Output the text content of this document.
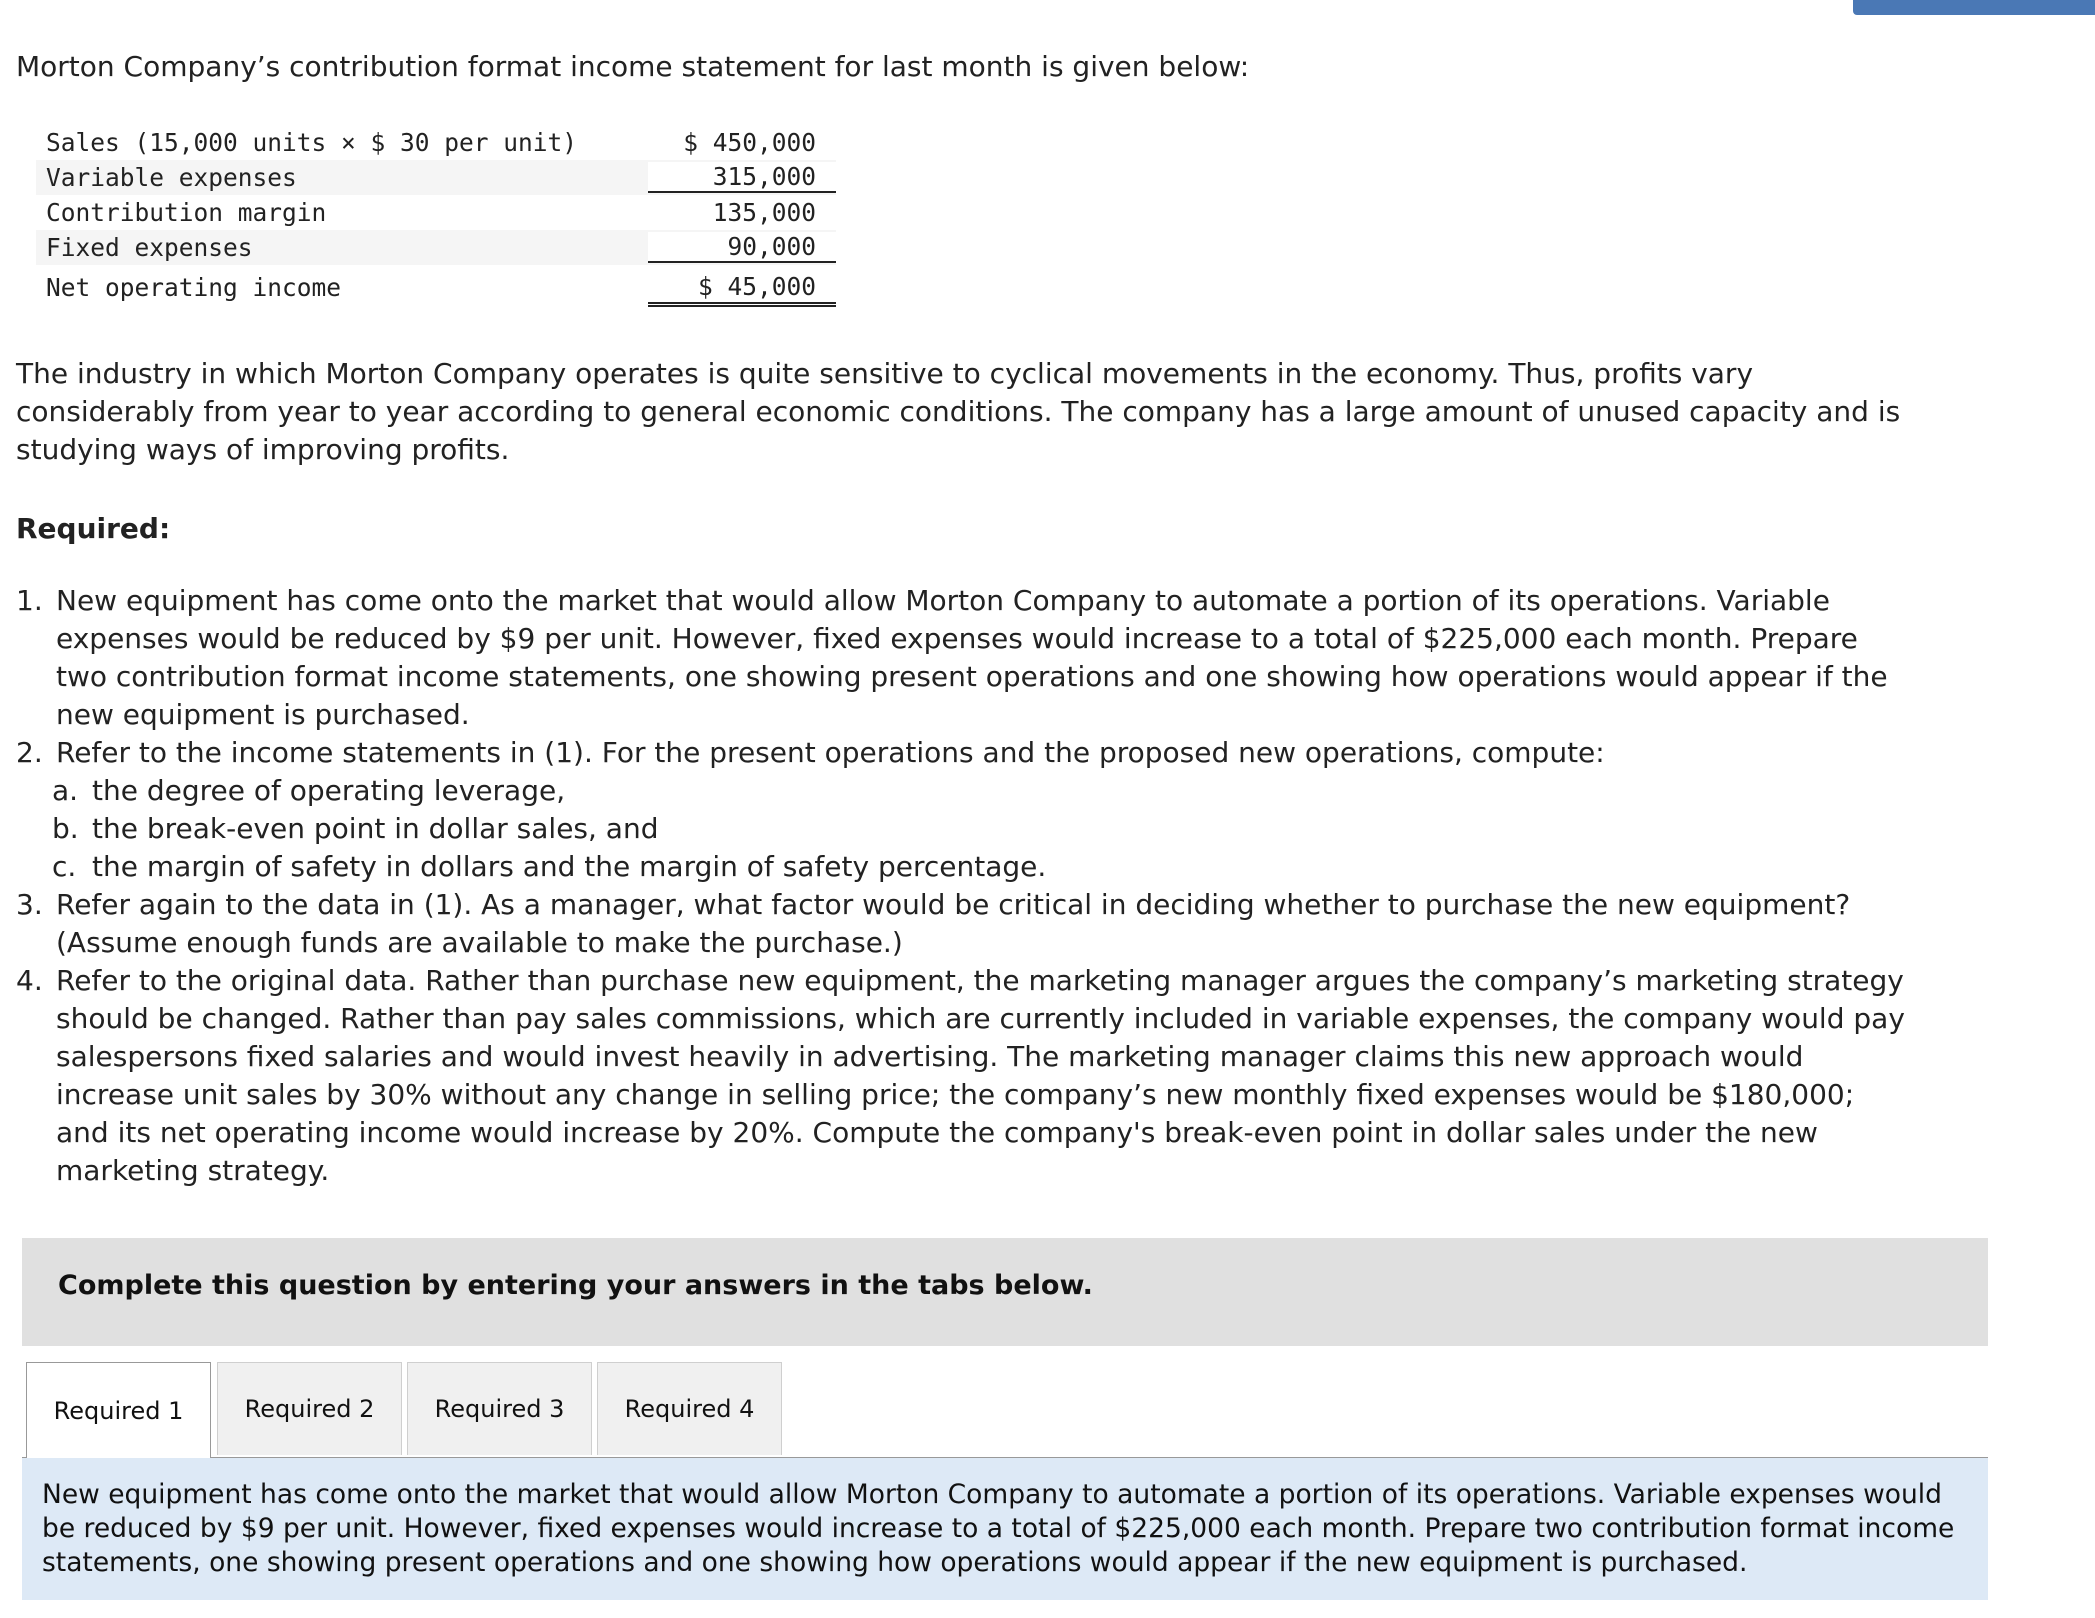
Morton Company’s contribution format income statement for last month is given below:

Sales (15,000 units × $ 30 per unit)	$ 450,000
Variable expenses	315,000
Contribution margin	135,000
Fixed expenses	90,000
Net operating income	$ 45,000

The industry in which Morton Company operates is quite sensitive to cyclical movements in the economy. Thus, profits vary considerably from year to year according to general economic conditions. The company has a large amount of unused capacity and is studying ways of improving profits.

Required:

1. New equipment has come onto the market that would allow Morton Company to automate a portion of its operations. Variable expenses would be reduced by $9 per unit. However, fixed expenses would increase to a total of $225,000 each month. Prepare two contribution format income statements, one showing present operations and one showing how operations would appear if the new equipment is purchased.
2. Refer to the income statements in (1). For the present operations and the proposed new operations, compute:
a. the degree of operating leverage,
b. the break-even point in dollar sales, and
c. the margin of safety in dollars and the margin of safety percentage.
3. Refer again to the data in (1). As a manager, what factor would be critical in deciding whether to purchase the new equipment? (Assume enough funds are available to make the purchase.)
4. Refer to the original data. Rather than purchase new equipment, the marketing manager argues the company’s marketing strategy should be changed. Rather than pay sales commissions, which are currently included in variable expenses, the company would pay salespersons fixed salaries and would invest heavily in advertising. The marketing manager claims this new approach would increase unit sales by 30% without any change in selling price; the company’s new monthly fixed expenses would be $180,000; and its net operating income would increase by 20%. Compute the company's break-even point in dollar sales under the new marketing strategy.

Complete this question by entering your answers in the tabs below.

Required 1	Required 2	Required 3	Required 4

New equipment has come onto the market that would allow Morton Company to automate a portion of its operations. Variable expenses would be reduced by $9 per unit. However, fixed expenses would increase to a total of $225,000 each month. Prepare two contribution format income statements, one showing present operations and one showing how operations would appear if the new equipment is purchased.
